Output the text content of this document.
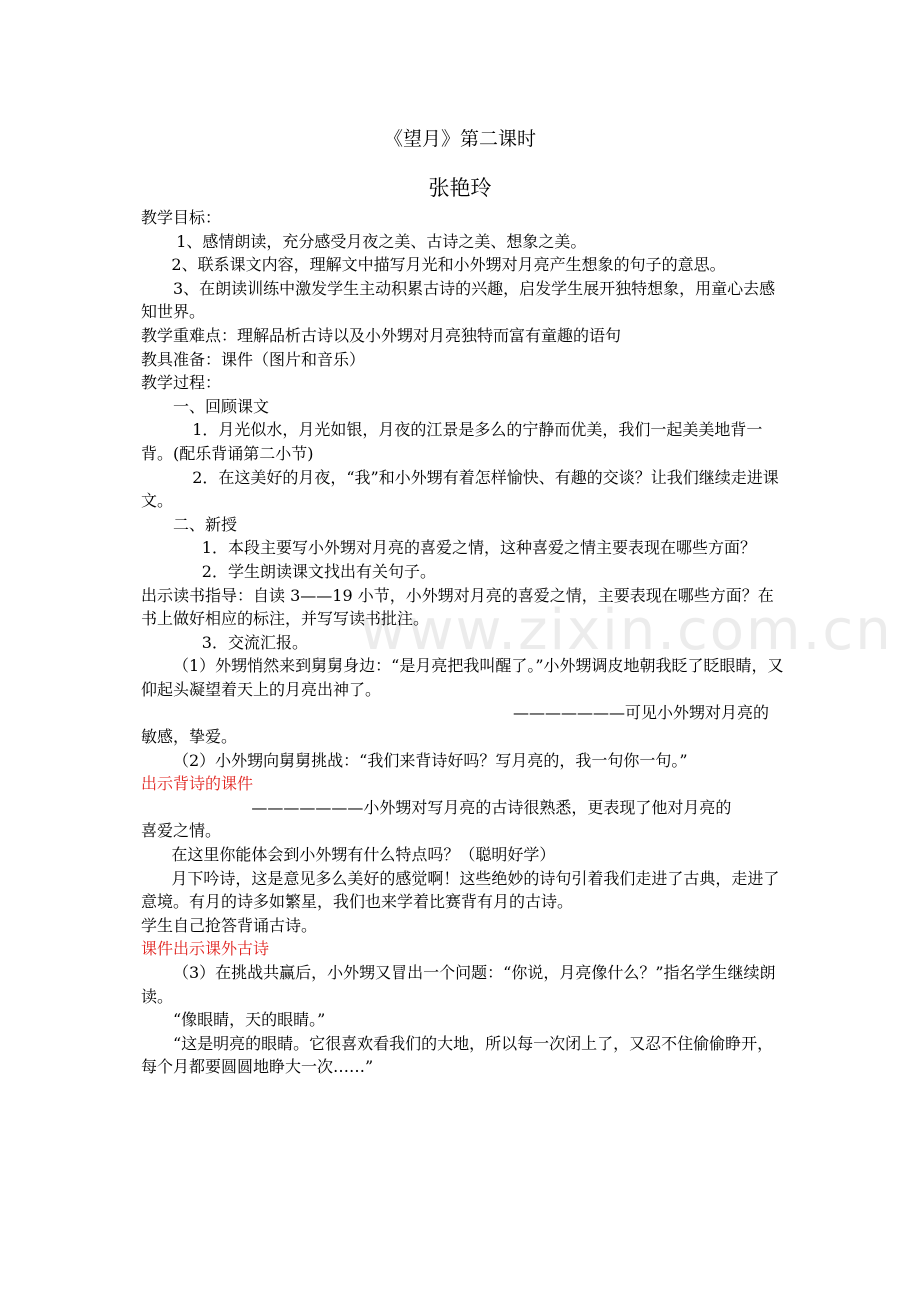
www.zixin.com.cn
《望月》第二课时
张艳玲

教学目标：

1、感情朗读，充分感受月夜之美、古诗之美、想象之美。

2、联系课文内容，理解文中描写月光和小外甥对月亮产生想象的句子的意思。

3、在朗读训练中激发学生主动积累古诗的兴趣，启发学生展开独特想象，用童心去感知世界。

教学重难点：理解品析古诗以及小外甥对月亮独特而富有童趣的语句

教具准备：课件（图片和音乐）

教学过程：

一、回顾课文

1．月光似水，月光如银，月夜的江景是多么的宁静而优美，我们一起美美地背一背。(配乐背诵第二小节)

2．在这美好的月夜，“我”和小外甥有着怎样愉快、有趣的交谈？让我们继续走进课文。

二、新授

1．本段主要写小外甥对月亮的喜爱之情，这种喜爱之情主要表现在哪些方面？

2．学生朗读课文找出有关句子。

出示读书指导：自读 3——19 小节，小外甥对月亮的喜爱之情，主要表现在哪些方面？在书上做好相应的标注，并写写读书批注。

3．交流汇报。

（1）外甥悄然来到舅舅身边：“是月亮把我叫醒了。”小外甥调皮地朝我眨了眨眼睛，又仰起头凝望着天上的月亮出神了。

———————可见小外甥对月亮的

敏感，挚爱。

（2）小外甥向舅舅挑战：“我们来背诗好吗？写月亮的，我一句你一句。”

出示背诗的课件

———————小外甥对写月亮的古诗很熟悉，更表现了他对月亮的

喜爱之情。

在这里你能体会到小外甥有什么特点吗？（聪明好学）

月下吟诗，这是意见多么美好的感觉啊！这些绝妙的诗句引着我们走进了古典，走进了意境。有月的诗多如繁星，我们也来学着比赛背有月的古诗。

学生自己抢答背诵古诗。

课件出示课外古诗

（3）在挑战共赢后，小外甥又冒出一个问题：“你说，月亮像什么？”指名学生继续朗读。

“像眼睛，天的眼睛。”

“这是明亮的眼睛。它很喜欢看我们的大地，所以每一次闭上了，又忍不住偷偷睁开，每个月都要圆圆地睁大一次……”
